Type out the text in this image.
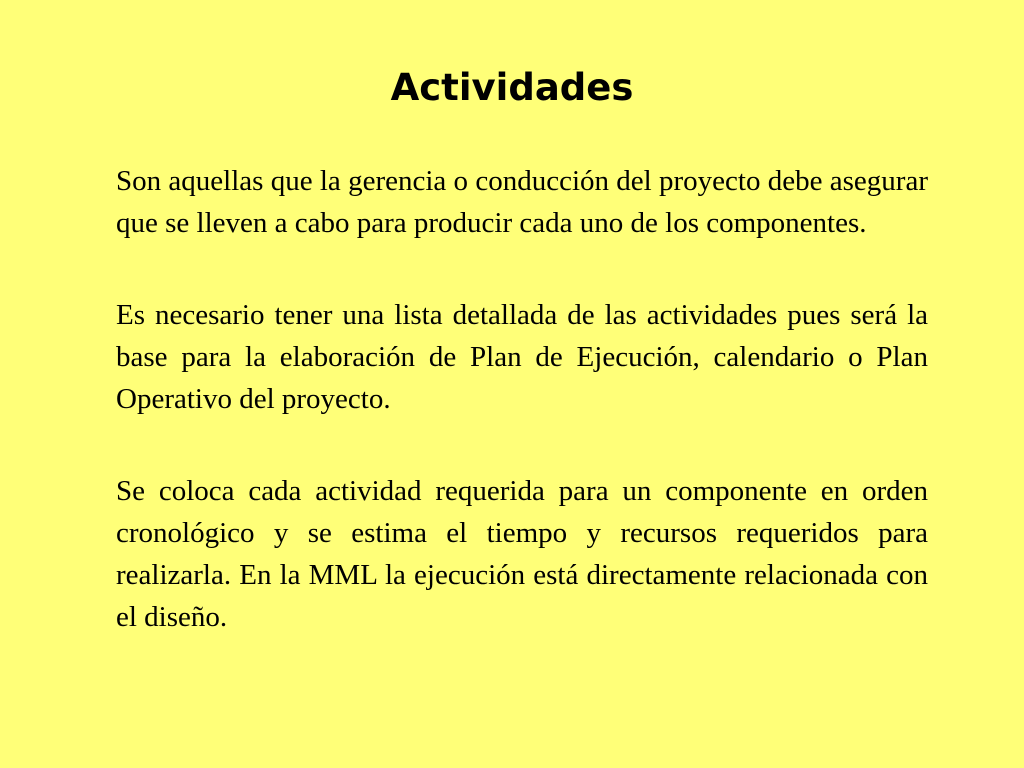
Actividades

Son aquellas que la gerencia o conducción del proyecto debe asegurar que se lleven a cabo para producir cada uno de los componentes.

Es necesario tener una lista detallada de las actividades pues será la base para la elaboración de Plan de Ejecución, calendario o Plan Operativo del proyecto.

Se coloca cada actividad requerida para un componente en orden cronológico y se estima el tiempo y recursos requeridos para realizarla. En la MML la ejecución está directamente relacionada con el diseño.
